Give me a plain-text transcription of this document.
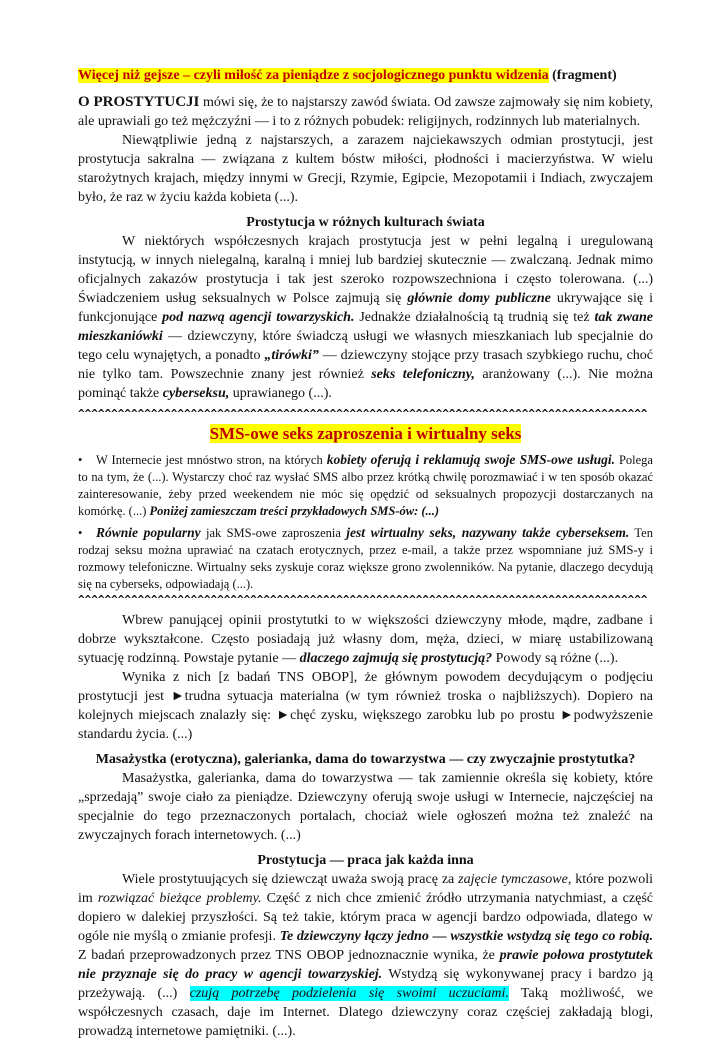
Więcej niż gejsze – czyli miłość za pieniądze z socjologicznego punktu widzenia (fragment)

O PROSTYTUCJI mówi się, że to najstarszy zawód świata. Od zawsze zajmowały się nim kobiety, ale uprawiali go też mężczyźni — i to z różnych pobudek: religijnych, rodzinnych lub materialnych.

Niewątpliwie jedną z najstarszych, a zarazem najciekawszych odmian prostytucji, jest prostytucja sakralna — związana z kultem bóstw miłości, płodności i macierzyństwa. W wielu starożytnych krajach, między innymi w Grecji, Rzymie, Egipcie, Mezopotamii i Indiach, zwyczajem było, że raz w życiu każda kobieta (...).

Prostytucja w różnych kulturach świata

W niektórych współczesnych krajach prostytucja jest w pełni legalną i uregulowaną instytucją, w innych nielegalną, karalną i mniej lub bardziej skutecznie — zwalczaną. Jednak mimo oficjalnych zakazów prostytucja i tak jest szeroko rozpowszechniona i często tolerowana. (...) Świadczeniem usług seksualnych w Polsce zajmują się głównie domy publiczne ukrywające się i funkcjonujące pod nazwą agencji towarzyskich. Jednakże działalnością tą trudnią się też tak zwane mieszkaniówki — dziewczyny, które świadczą usługi we własnych mieszkaniach lub specjalnie do tego celu wynajętych, a ponadto „tirówki” — dziewczyny stojące przy trasach szybkiego ruchu, choć nie tylko tam. Powszechnie znany jest również seks telefoniczny, aranżowany (...). Nie można pominąć także cyberseksu, uprawianego (...).

^^^^^^^^^^^^^^^^^^^^^^^^^^^^^^^^^^^^^^^^^^^^^^^^^^^^^^^^^^^^^^^^^^^^^^^^^^^^^^^^^^^^^^

SMS-owe seks zaproszenia i wirtualny seks

• W Internecie jest mnóstwo stron, na których kobiety oferują i reklamują swoje SMS-owe usługi. Polega to na tym, że (...). Wystarczy choć raz wysłać SMS albo przez krótką chwilę porozmawiać i w ten sposób okazać zainteresowanie, żeby przed weekendem nie móc się opędzić od seksualnych propozycji dostarczanych na komórkę. (...) Poniżej zamieszczam treści przykładowych SMS-ów: (...)

• Równie popularny jak SMS-owe zaproszenia jest wirtualny seks, nazywany także cyberseksem. Ten rodzaj seksu można uprawiać na czatach erotycznych, przez e-mail, a także przez wspomniane już SMS-y i rozmowy telefoniczne. Wirtualny seks zyskuje coraz większe grono zwolenników. Na pytanie, dlaczego decydują się na cyberseks, odpowiadają (...).

^^^^^^^^^^^^^^^^^^^^^^^^^^^^^^^^^^^^^^^^^^^^^^^^^^^^^^^^^^^^^^^^^^^^^^^^^^^^^^^^^^^^^^

Wbrew panującej opinii prostytutki to w większości dziewczyny młode, mądre, zadbane i dobrze wykształcone. Często posiadają już własny dom, męża, dzieci, w miarę ustabilizowaną sytuację rodzinną. Powstaje pytanie — dlaczego zajmują się prostytucją? Powody są różne (...).

Wynika z nich [z badań TNS OBOP], że głównym powodem decydującym o podjęciu prostytucji jest ►trudna sytuacja materialna (w tym również troska o najbliższych). Dopiero na kolejnych miejscach znalazły się: ►chęć zysku, większego zarobku lub po prostu ►podwyższenie standardu życia. (...)

Masażystka (erotyczna), galerianka, dama do towarzystwa — czy zwyczajnie prostytutka?

Masażystka, galerianka, dama do towarzystwa — tak zamiennie określa się kobiety, które „sprzedają” swoje ciało za pieniądze. Dziewczyny oferują swoje usługi w Internecie, najczęściej na specjalnie do tego przeznaczonych portalach, chociaż wiele ogłoszeń można też znaleźć na zwyczajnych forach internetowych. (...)

Prostytucja — praca jak każda inna

Wiele prostytuujących się dziewcząt uważa swoją pracę za zajęcie tymczasowe, które pozwoli im rozwiązać bieżące problemy. Część z nich chce zmienić źródło utrzymania natychmiast, a część dopiero w dalekiej przyszłości. Są też takie, którym praca w agencji bardzo odpowiada, dlatego w ogóle nie myślą o zmianie profesji. Te dziewczyny łączy jedno — wszystkie wstydzą się tego co robią. Z badań przeprowadzonych przez TNS OBOP jednoznacznie wynika, że prawie połowa prostytutek nie przyznaje się do pracy w agencji towarzyskiej. Wstydzą się wykonywanej pracy i bardzo ją przeżywają. (...) czują potrzebę podzielenia się swoimi uczuciami. Taką możliwość, we współczesnych czasach, daje im Internet. Dlatego dziewczyny coraz częściej zakładają blogi, prowadzą internetowe pamiętniki. (...).
